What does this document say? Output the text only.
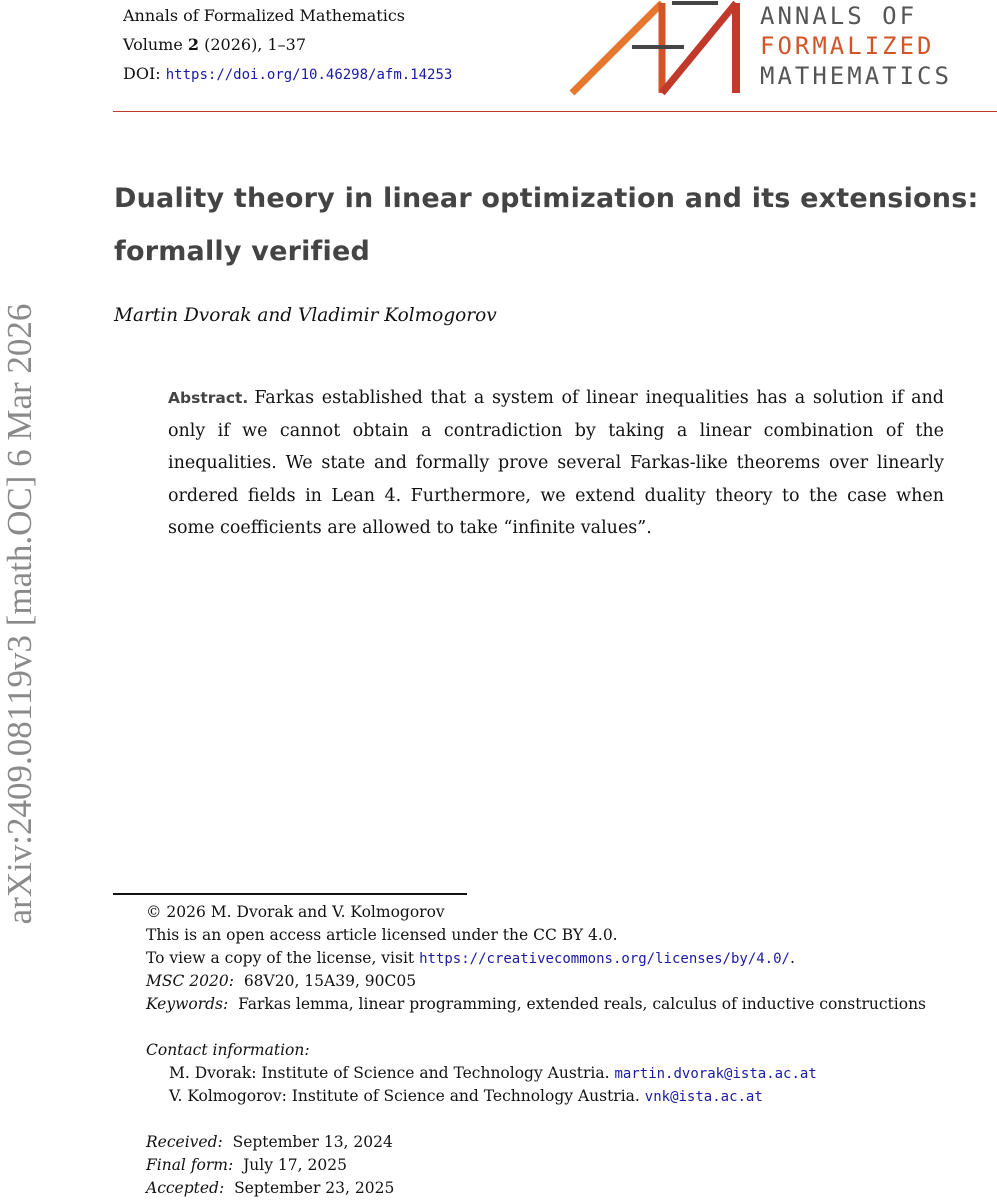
arXiv:2409.08119v3 [math.OC] 6 Mar 2026
Annals of Formalized Mathematics
Volume 2 (2026), 1–37
DOI: https://doi.org/10.46298/afm.14253
ANNALS OF
FORMALIZED
MATHEMATICS
Duality theory in linear optimization and its extensions:
formally verified
Martin Dvorak and Vladimir Kolmogorov
Abstract. Farkas established that a system of linear inequalities has a solution if and only if we cannot obtain a contradiction by taking a linear combination of the inequalities. We state and formally prove several Farkas-like theorems over linearly ordered fields in Lean 4. Furthermore, we extend duality theory to the case when some coefficients are allowed to take “infinite values”.
© 2026 M. Dvorak and V. Kolmogorov
This is an open access article licensed under the CC BY 4.0.
To view a copy of the license, visit https://creativecommons.org/licenses/by/4.0/.
MSC 2020: 68V20, 15A39, 90C05
Keywords: Farkas lemma, linear programming, extended reals, calculus of inductive constructions
Contact information:
M. Dvorak: Institute of Science and Technology Austria. martin.dvorak@ista.ac.at
V. Kolmogorov: Institute of Science and Technology Austria. vnk@ista.ac.at
Received: September 13, 2024
Final form: July 17, 2025
Accepted: September 23, 2025
